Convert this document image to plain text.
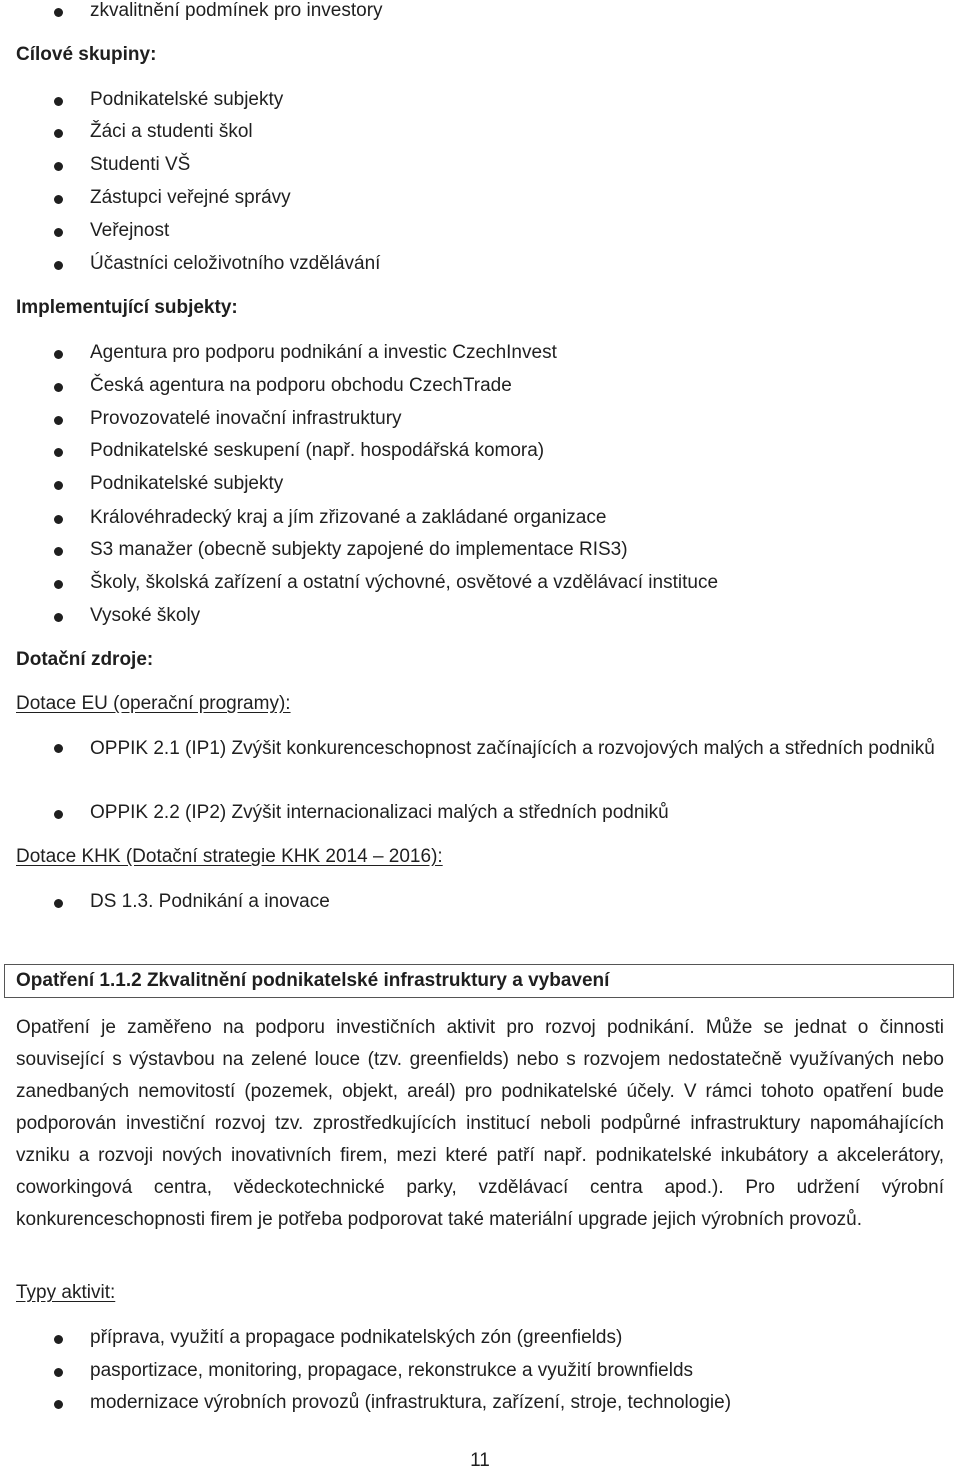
zkvalitnění podmínek pro investory
Cílové skupiny:
Podnikatelské subjekty
Žáci a studenti škol
Studenti VŠ
Zástupci veřejné správy
Veřejnost
Účastníci celoživotního vzdělávání
Implementující subjekty:
Agentura pro podporu podnikání a investic CzechInvest
Česká agentura na podporu obchodu CzechTrade
Provozovatelé inovační infrastruktury
Podnikatelské seskupení (např. hospodářská komora)
Podnikatelské subjekty
Královéhradecký kraj a jím zřizované a zakládané organizace
S3 manažer (obecně subjekty zapojené do implementace RIS3)
Školy, školská zařízení a ostatní výchovné, osvětové a vzdělávací instituce
Vysoké školy
Dotační zdroje:
Dotace EU (operační programy):
OPPIK 2.1 (IP1) Zvýšit konkurenceschopnost začínajících a rozvojových malých a středních podniků
OPPIK 2.2 (IP2) Zvýšit internacionalizaci malých a středních podniků
Dotace KHK (Dotační strategie KHK 2014 – 2016):
DS 1.3. Podnikání a inovace
Opatření 1.1.2 Zkvalitnění podnikatelské infrastruktury a vybavení
Opatření je zaměřeno na podporu investičních aktivit pro rozvoj podnikání. Může se jednat o činnosti související s výstavbou na zelené louce (tzv. greenfields) nebo s rozvojem nedostatečně využívaných nebo zanedbaných nemovitostí (pozemek, objekt, areál) pro podnikatelské účely. V rámci tohoto opatření bude podporován investiční rozvoj tzv. zprostředkujících institucí neboli podpůrné infrastruktury napomáhajících vzniku a rozvoji nových inovativních firem, mezi které patří např. podnikatelské inkubátory a akcelerátory, coworkingová centra, vědeckotechnické parky, vzdělávací centra apod.). Pro udržení výrobní konkurenceschopnosti firem je potřeba podporovat také materiální upgrade jejich výrobních provozů.
Typy aktivit:
příprava, využití a propagace podnikatelských zón (greenfields)
pasportizace, monitoring, propagace, rekonstrukce a využití brownfields
modernizace výrobních provozů (infrastruktura, zařízení, stroje, technologie)
11
